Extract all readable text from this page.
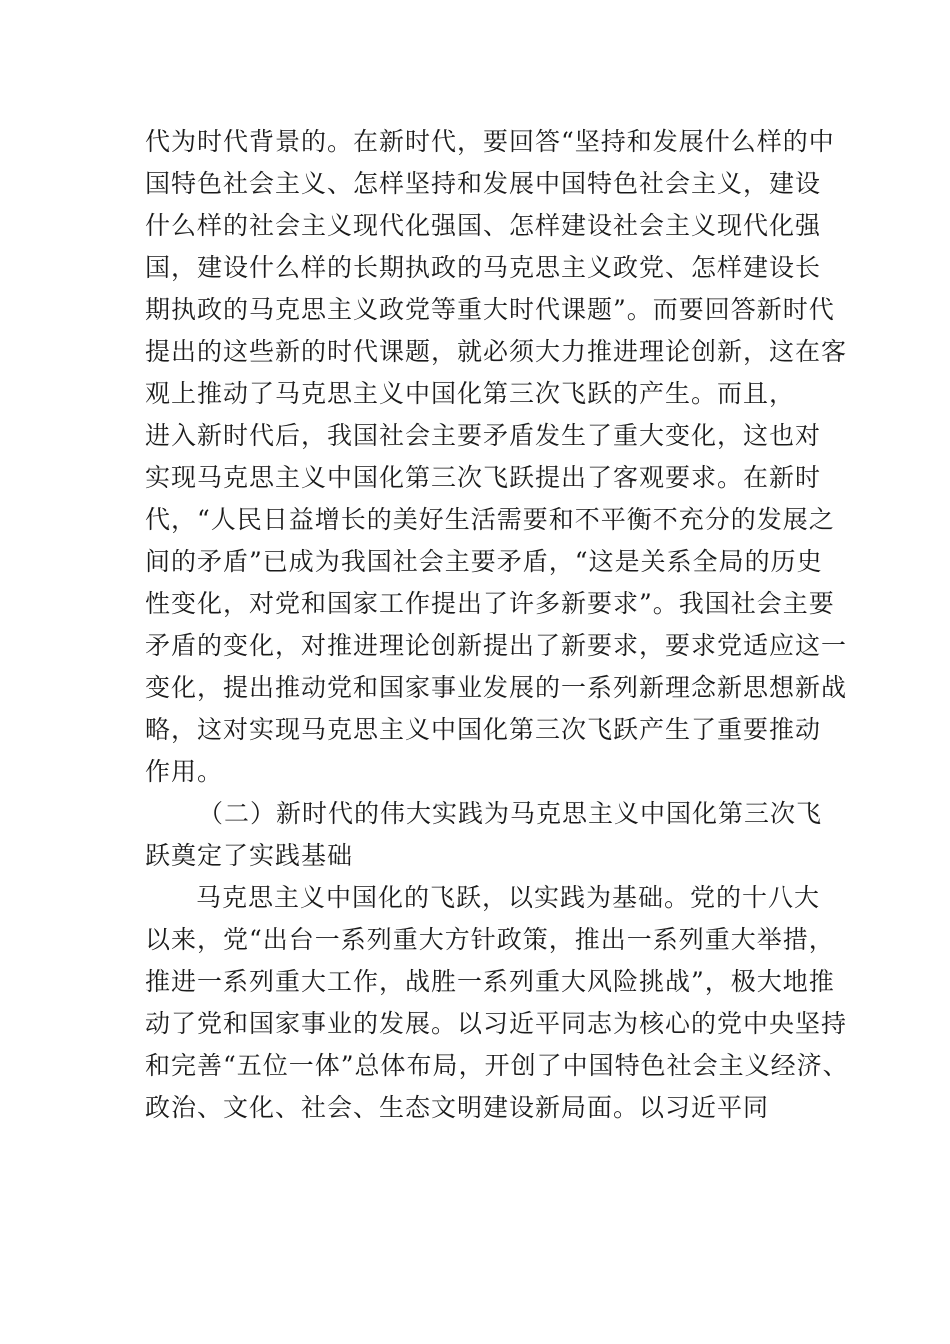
代为时代背景的。在新时代，要回答“坚持和发展什么样的中
国特色社会主义、怎样坚持和发展中国特色社会主义，建设
什么样的社会主义现代化强国、怎样建设社会主义现代化强
国，建设什么样的长期执政的马克思主义政党、怎样建设长
期执政的马克思主义政党等重大时代课题”。而要回答新时代
提出的这些新的时代课题，就必须大力推进理论创新，这在客
观上推动了马克思主义中国化第三次飞跃的产生。而且，
进入新时代后，我国社会主要矛盾发生了重大变化，这也对
实现马克思主义中国化第三次飞跃提出了客观要求。在新时
代，“人民日益增长的美好生活需要和不平衡不充分的发展之
间的矛盾”已成为我国社会主要矛盾，“这是关系全局的历史
性变化，对党和国家工作提出了许多新要求”。我国社会主要
矛盾的变化，对推进理论创新提出了新要求，要求党适应这一
变化，提出推动党和国家事业发展的一系列新理念新思想新战
略，这对实现马克思主义中国化第三次飞跃产生了重要推动
作用。
（二）新时代的伟大实践为马克思主义中国化第三次飞
跃奠定了实践基础
马克思主义中国化的飞跃，以实践为基础。党的十八大
以来，党“出台一系列重大方针政策，推出一系列重大举措，
推进一系列重大工作，战胜一系列重大风险挑战”，极大地推
动了党和国家事业的发展。以习近平同志为核心的党中央坚持
和完善“五位一体”总体布局，开创了中国特色社会主义经济、
政治、文化、社会、生态文明建设新局面。以习近平同
